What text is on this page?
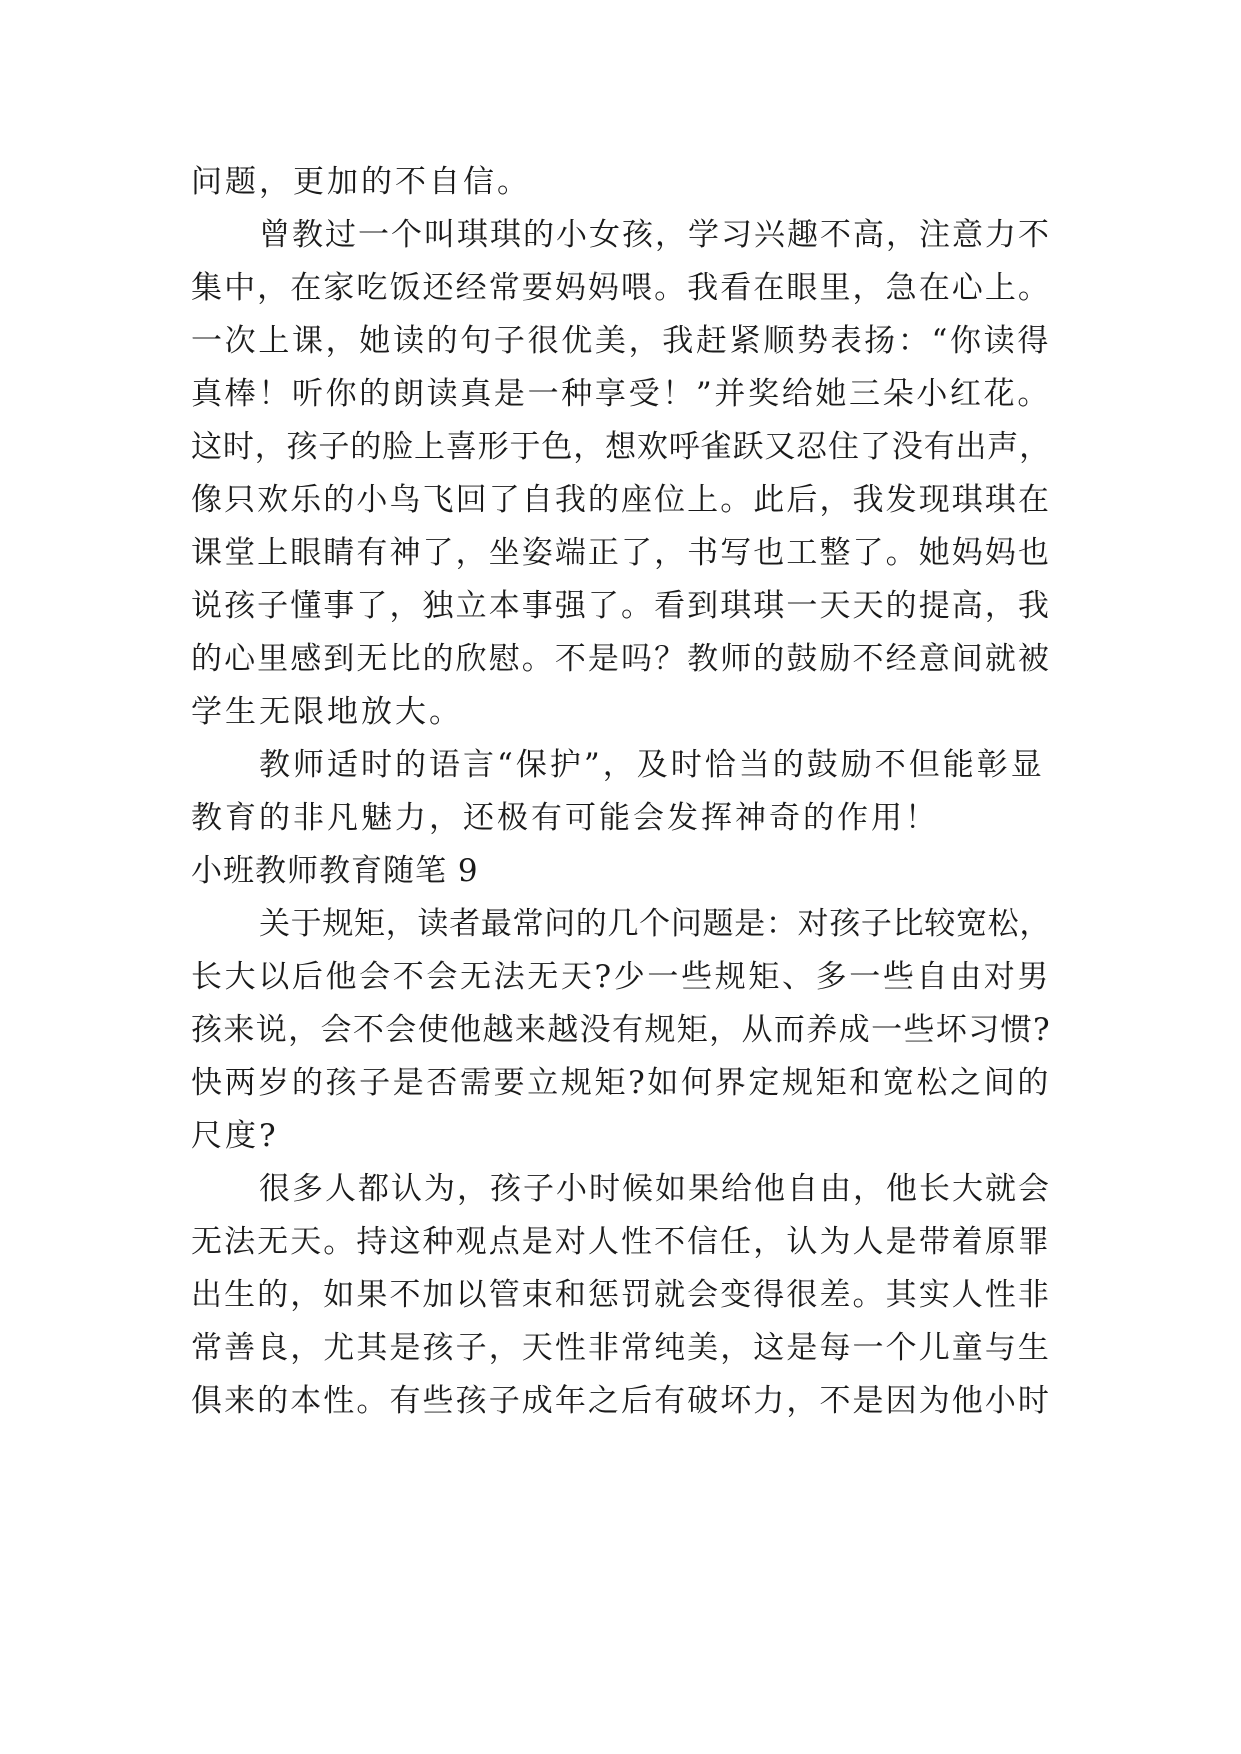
问题，更加的不自信。
曾教过一个叫琪琪的小女孩，学习兴趣不高，注意力不
集中，在家吃饭还经常要妈妈喂。我看在眼里，急在心上。
一次上课，她读的句子很优美，我赶紧顺势表扬：“你读得
真棒！听你的朗读真是一种享受！”并奖给她三朵小红花。
这时，孩子的脸上喜形于色，想欢呼雀跃又忍住了没有出声，
像只欢乐的小鸟飞回了自我的座位上。此后，我发现琪琪在
课堂上眼睛有神了，坐姿端正了，书写也工整了。她妈妈也
说孩子懂事了，独立本事强了。看到琪琪一天天的提高，我
的心里感到无比的欣慰。不是吗？教师的鼓励不经意间就被
学生无限地放大。
教师适时的语言“保护”，及时恰当的鼓励不但能彰显
教育的非凡魅力，还极有可能会发挥神奇的作用！
小班教师教育随笔 9
关于规矩，读者最常问的几个问题是：对孩子比较宽松，
长大以后他会不会无法无天?少一些规矩、多一些自由对男
孩来说，会不会使他越来越没有规矩，从而养成一些坏习惯?
快两岁的孩子是否需要立规矩?如何界定规矩和宽松之间的
尺度?
很多人都认为，孩子小时候如果给他自由，他长大就会
无法无天。持这种观点是对人性不信任，认为人是带着原罪
出生的，如果不加以管束和惩罚就会变得很差。其实人性非
常善良，尤其是孩子，天性非常纯美，这是每一个儿童与生
俱来的本性。有些孩子成年之后有破坏力，不是因为他小时
